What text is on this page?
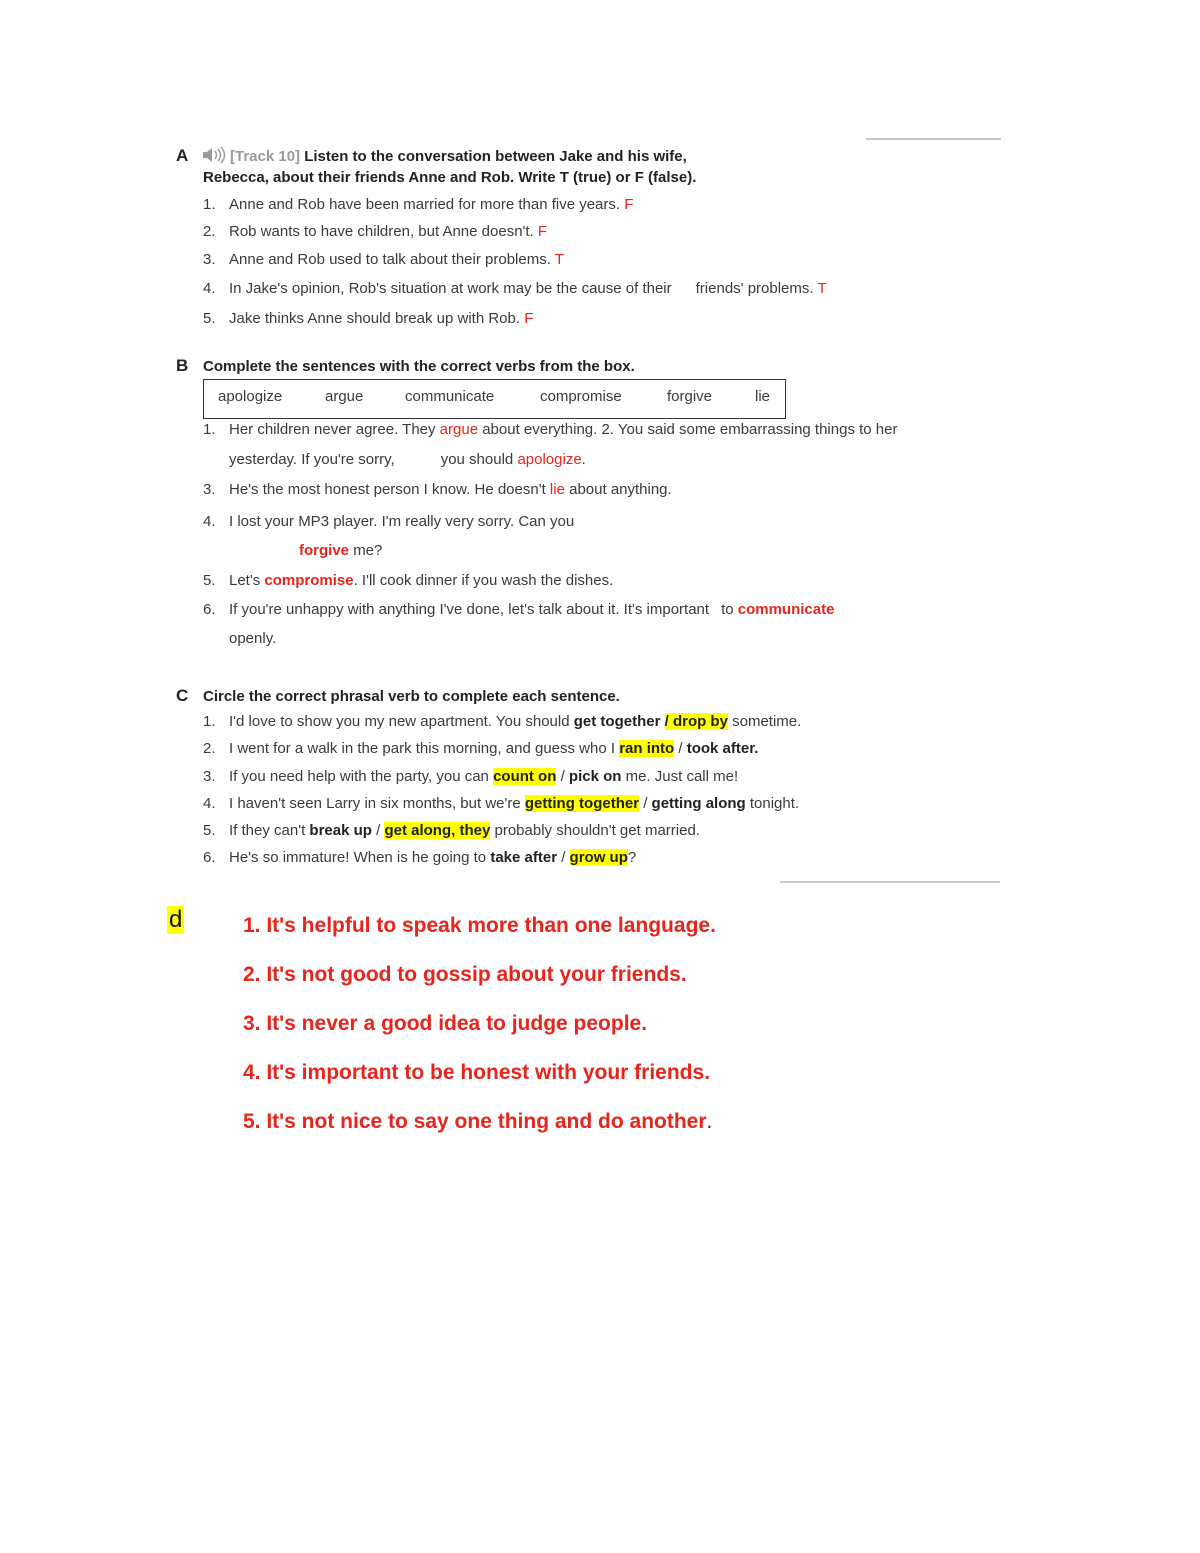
A	[Track 10] Listen to the conversation between Jake and his wife,
Rebecca, about their friends Anne and Rob. Write T (true) or F (false).
1. Anne and Rob have been married for more than five years. F
2. Rob wants to have children, but Anne doesn't. F
3. Anne and Rob used to talk about their problems. T
4. In Jake's opinion, Rob's situation at work may be the cause of their friends' problems. T
5. Jake thinks Anne should break up with Rob. F
B Complete the sentences with the correct verbs from the box.
apologize	argue	communicate	compromise	forgive	lie
1. Her children never agree. They argue about everything. 2. You said some embarrassing things to her
yesterday. If you're sorry,	you should apologize.
3. He's the most honest person I know. He doesn't lie about anything.
4. I lost your MP3 player. I'm really very sorry. Can you
forgive me?
5. Let's compromise. I'll cook dinner if you wash the dishes.
6. If you're unhappy with anything I've done, let's talk about it. It's important to communicate
openly.
C Circle the correct phrasal verb to complete each sentence.
1. I'd love to show you my new apartment. You should get together / drop by sometime.
2. I went for a walk in the park this morning, and guess who I ran into / took after.
3. If you need help with the party, you can count on / pick on me. Just call me!
4. I haven't seen Larry in six months, but we're getting together / getting along tonight.
5. If they can't break up / get along, they probably shouldn't get married.
6. He's so immature! When is he going to take after / grow up?
d	1. It's helpful to speak more than one language.
2. It's not good to gossip about your friends.
3. It's never a good idea to judge people.
4. It's important to be honest with your friends.
5. It's not nice to say one thing and do another.
